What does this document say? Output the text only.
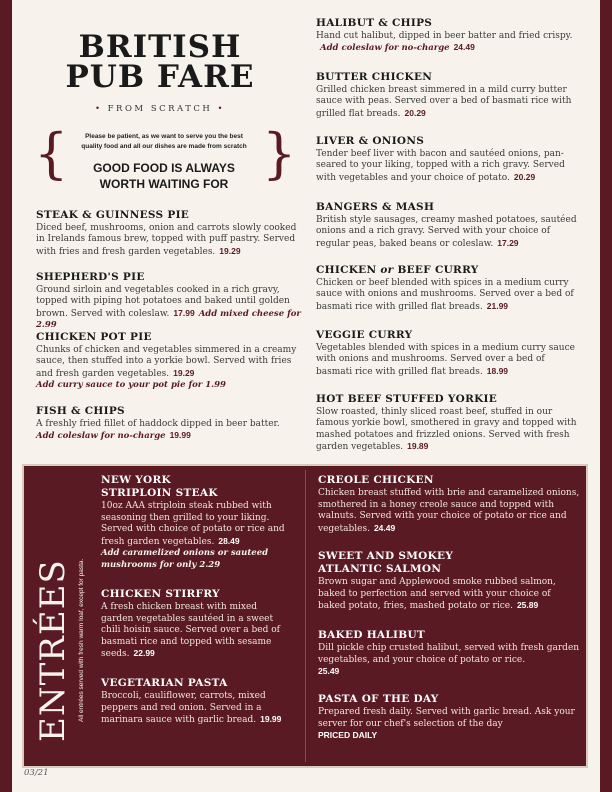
BRITISH
PUB FARE
• FROM SCRATCH •
{	}
Please be patient, as we want to serve you the best
quality food and all our dishes are made from scratch
GOOD FOOD IS ALWAYS
WORTH WAITING FOR
STEAK & GUINNESS PIE
Diced beef, mushrooms, onion and carrots slowly cooked in Irelands famous brew, topped with puff pastry. Served with fries and fresh garden vegetables. 19.29
SHEPHERD'S PIE
Ground sirloin and vegetables cooked in a rich gravy, topped with piping hot potatoes and baked until golden brown. Served with coleslaw. 17.99 Add mixed cheese for 2.99
CHICKEN POT PIE
Chunks of chicken and vegetables simmered in a creamy sauce, then stuffed into a yorkie bowl. Served with fries and fresh garden vegetables. 19.29
Add curry sauce to your pot pie for 1.99
FISH & CHIPS
A freshly fried fillet of haddock dipped in beer batter.
Add coleslaw for no-charge 19.99
HALIBUT & CHIPS
Hand cut halibut, dipped in beer batter and fried crispy. Add coleslaw for no-charge 24.49
BUTTER CHICKEN
Grilled chicken breast simmered in a mild curry butter sauce with peas. Served over a bed of basmati rice with grilled flat breads. 20.29
LIVER & ONIONS
Tender beef liver with bacon and sautéed onions, pan-seared to your liking, topped with a rich gravy. Served with vegetables and your choice of potato. 20.29
BANGERS & MASH
British style sausages, creamy mashed potatoes, sautéed onions and a rich gravy. Served with your choice of regular peas, baked beans or coleslaw. 17.29
CHICKEN or BEEF CURRY
Chicken or beef blended with spices in a medium curry sauce with onions and mushrooms. Served over a bed of basmati rice with grilled flat breads. 21.99
VEGGIE CURRY
Vegetables blended with spices in a medium curry sauce with onions and mushrooms. Served over a bed of basmati rice with grilled flat breads. 18.99
HOT BEEF STUFFED YORKIE
Slow roasted, thinly sliced roast beef, stuffed in our famous yorkie bowl, smothered in gravy and topped with mashed potatoes and frizzled onions. Served with fresh garden vegetables. 19.89
ENTRÉES All entrées served with fresh warm loaf, except for pasta.
NEW YORK
STRIPLOIN STEAK
10oz AAA striploin steak rubbed with seasoning then grilled to your liking. Served with choice of potato or rice and fresh garden vegetables. 28.49
Add caramelized onions or sauteed mushrooms for only 2.29
CHICKEN STIRFRY
A fresh chicken breast with mixed garden vegetables sautéed in a sweet chili hoisin sauce. Served over a bed of basmati rice and topped with sesame seeds. 22.99
VEGETARIAN PASTA
Broccoli, cauliflower, carrots, mixed peppers and red onion. Served in a marinara sauce with garlic bread. 19.99
CREOLE CHICKEN
Chicken breast stuffed with brie and caramelized onions, smothered in a honey creole sauce and topped with walnuts. Served with your choice of potato or rice and vegetables. 24.49
SWEET AND SMOKEY
ATLANTIC SALMON
Brown sugar and Applewood smoke rubbed salmon, baked to perfection and served with your choice of baked potato, fries, mashed potato or rice. 25.89
BAKED HALIBUT
Dill pickle chip crusted halibut, served with fresh garden vegetables, and your choice of potato or rice.
25.49
PASTA OF THE DAY
Prepared fresh daily. Served with garlic bread. Ask your server for our chef's selection of the day
PRICED DAILY
03/21
